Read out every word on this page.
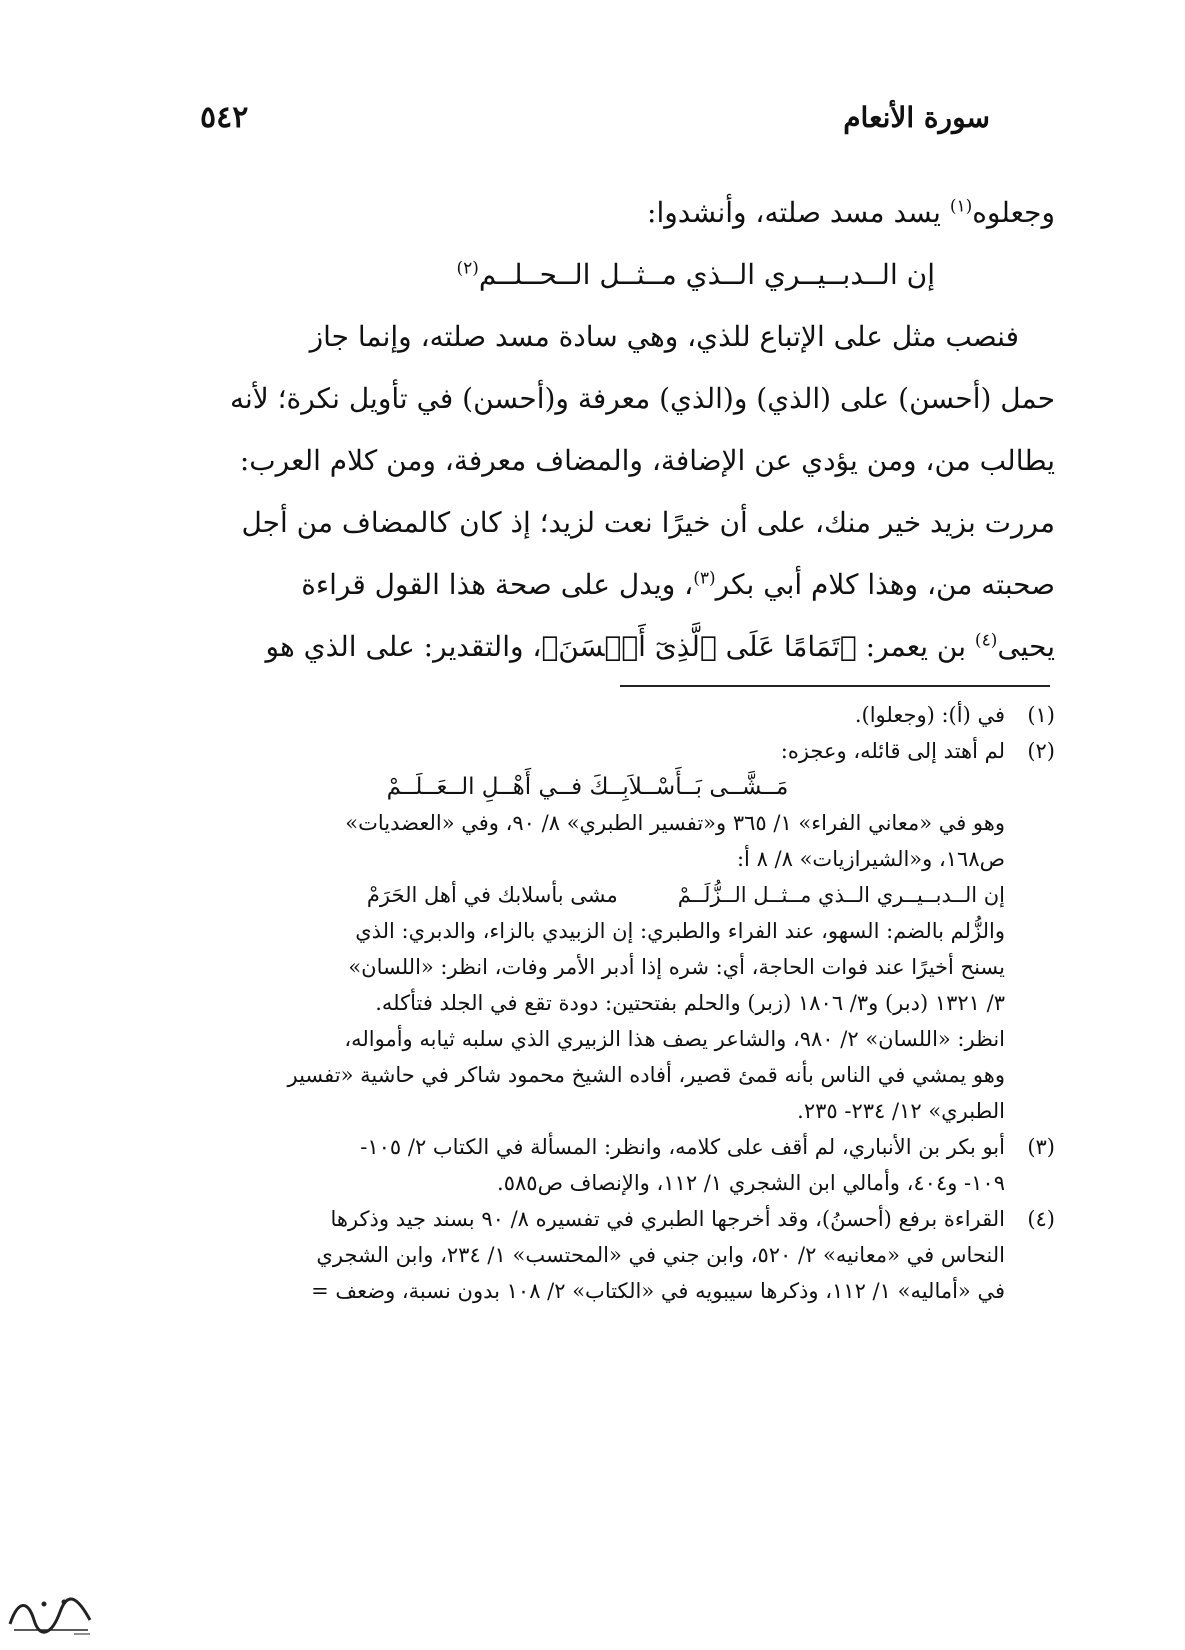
سورة الأنعام
٥٤٢
وجعلوه$^{(١)}$ يسد مسد صلته، وأنشدوا:
إن الــدبــيــري الــذي مــثــل الــحــلــم$^{(٢)}$
فنصب مثل على الإتباع للذي، وهي سادة مسد صلته، وإنما جاز
حمل (أحسن) على (الذي) و(الذي) معرفة و(أحسن) في تأويل نكرة؛ لأنه
يطالب من، ومن يؤدي عن الإضافة، والمضاف معرفة، ومن كلام العرب:
مررت بزيد خير منك، على أن خيرًا نعت لزيد؛ إذ كان كالمضاف من أجل
صحبته من، وهذا كلام أبي بكر$^{(٣)}$، ويدل على صحة هذا القول قراءة
يحيى$^{(٤)}$ بن يعمر: ﴿تَمَامًا عَلَى ٱلَّذِىٓ أَحۡسَنَ﴾، والتقدير: على الذي هو
(١)
في (أ): (وجعلوا).
(٢)
لم أهتد إلى قائله، وعجزه:
مَــشَّــى بَــأَسْــلاَبِــكَ فــي أَهْــلِ الــعَــلَــمْ
وهو في «معاني الفراء» ١/ ٣٦٥ و«تفسير الطبري» ٨/ ٩٠، وفي «العضديات»
ص١٦٨، و«الشيرازيات» ٨/ ٨ أ:
إن الــدبــيــري الــذي مــثــل الــزُّلَــمْ
مشى بأسلابك في أهل الحَرَمْ
والزُّلم بالضم: السهو، عند الفراء والطبري: إن الزبيدي بالزاء، والدبري: الذي
يسنح أخيرًا عند فوات الحاجة، أي: شره إذا أدبر الأمر وفات، انظر: «اللسان»
٣/ ١٣٢١ (دبر) و٣/ ١٨٠٦ (زبر) والحلم بفتحتين: دودة تقع في الجلد فتأكله.
انظر: «اللسان» ٢/ ٩٨٠، والشاعر يصف هذا الزبيري الذي سلبه ثيابه وأمواله،
وهو يمشي في الناس بأنه قمئ قصير، أفاده الشيخ محمود شاكر في حاشية «تفسير
الطبري» ١٢/ ٢٣٤- ٢٣٥.
(٣)
أبو بكر بن الأنباري، لم أقف على كلامه، وانظر: المسألة في الكتاب ٢/ ١٠٥-
١٠٩- و٤٠٤، وأمالي ابن الشجري ١/ ١١٢، والإنصاف ص٥٨٥.
(٤)
القراءة برفع (أحسنُ)، وقد أخرجها الطبري في تفسيره ٨/ ٩٠ بسند جيد وذكرها
النحاس في «معانيه» ٢/ ٥٢٠، وابن جني في «المحتسب» ١/ ٢٣٤، وابن الشجري
في «أماليه» ١/ ١١٢، وذكرها سيبويه في «الكتاب» ٢/ ١٠٨ بدون نسبة، وضعف =
